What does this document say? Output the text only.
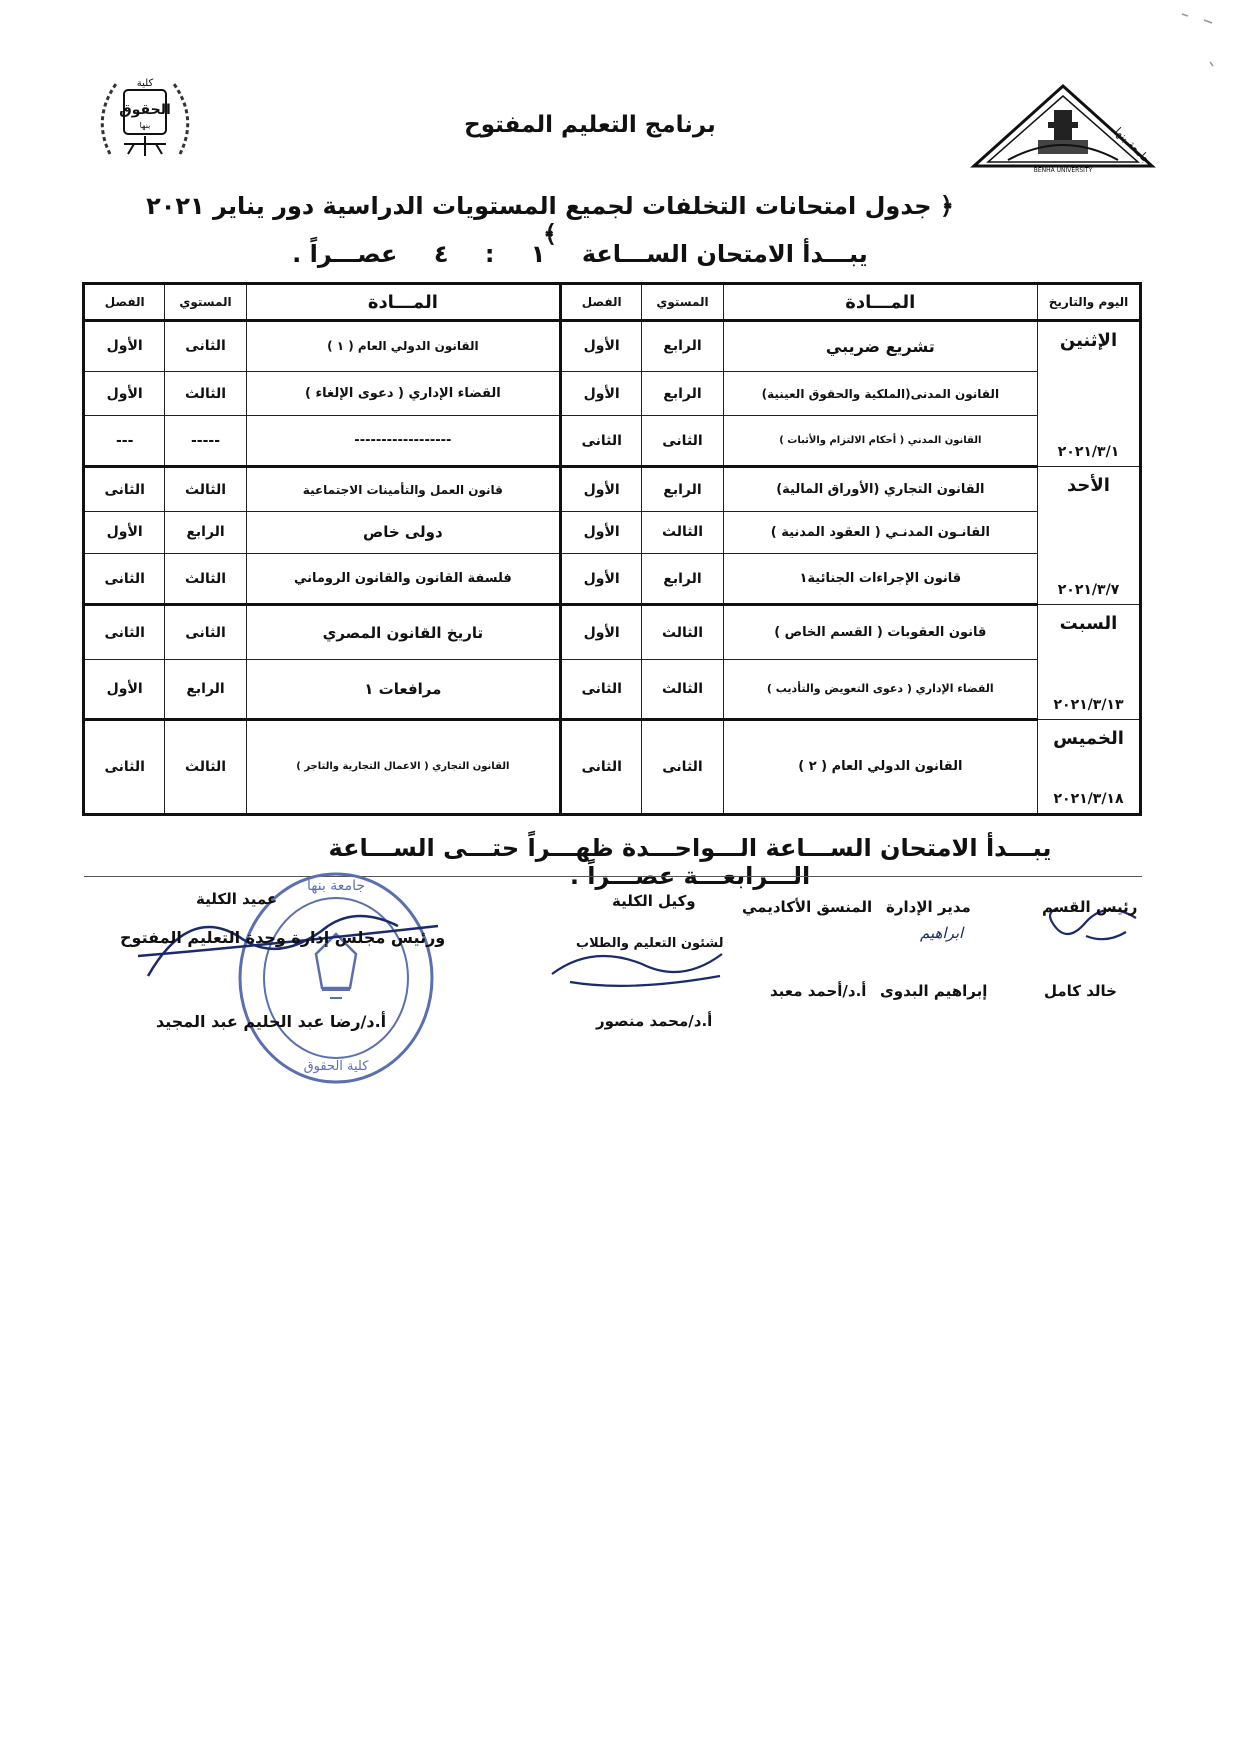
جامعة بنها
BENHA UNIVERSITY
كلية
الحقوق
بنها	برنامج التعليم المفتوح
﴿ جدول امتحانات التخلفات لجميع المستويات الدراسية دور يناير ٢٠٢١ ﴾
يبـــدأ الامتحان الســـاعة ١ : ٤ عصـــراً .
اليوم والتاريخ	المـــادة	المستوي	الفصل	المـــادة	المستوي	الفصل

الإثنين
٢٠٢١/٣/١	تشريع ضريبي	الرابع	الأول	القانون الدولي العام ( ١ )	الثانى	الأول
	القانون المدنى(الملكية والحقوق العينية)	الرابع	الأول	القضاء الإداري ( دعوى الإلغاء )	الثالث	الأول
	القانون المدني ( أحكام الالتزام والأثبات )	الثانى	الثانى	------------------	-----	---

الأحد
٢٠٢١/٣/٧	القانون التجاري (الأوراق المالية)	الرابع	الأول	قانون العمل والتأمينات الاجتماعية	الثالث	الثانى
	القانـون المدنـي ( العقود المدنية )	الثالث	الأول	دولى خاص	الرابع	الأول
	قانون الإجراءات الجنائية١	الرابع	الأول	فلسفة القانون والقانون الروماني	الثالث	الثانى

السبت
٢٠٢١/٣/١٣	قانون العقوبات ( القسم الخاص )	الثالث	الأول	تاريخ القانون المصري	الثانى	الثانى
	القضاء الإداري ( دعوى التعويض والتأديب )	الثالث	الثانى	مرافعات ١	الرابع	الأول

الخميس
٢٠٢١/٣/١٨	القانون الدولي العام ( ٢ )	الثانى	الثانى	القانون التجاري ( الاعمال التجارية والتاجر )	الثالث	الثانى
يبـــدأ الامتحان الســـاعة الـــواحـــدة ظهـــراً حتـــى الســـاعة الـــرابعـــة عصـــراً .
جامعة بنها
كلية الحقوق
ابراهيم
رئيس القسم
مدير الإدارة
المنسق الأكاديمي
وكيل الكلية
عميد الكلية
لشئون التعليم والطلاب
ورئيس مجلس إدارة وحدة التعليم المفتوح
خالد كامل
إبراهيم البدوى
أ.د/أحمد معبد
أ.د/محمد منصور
أ.د/رضا عبد الحليم عبد المجيد
